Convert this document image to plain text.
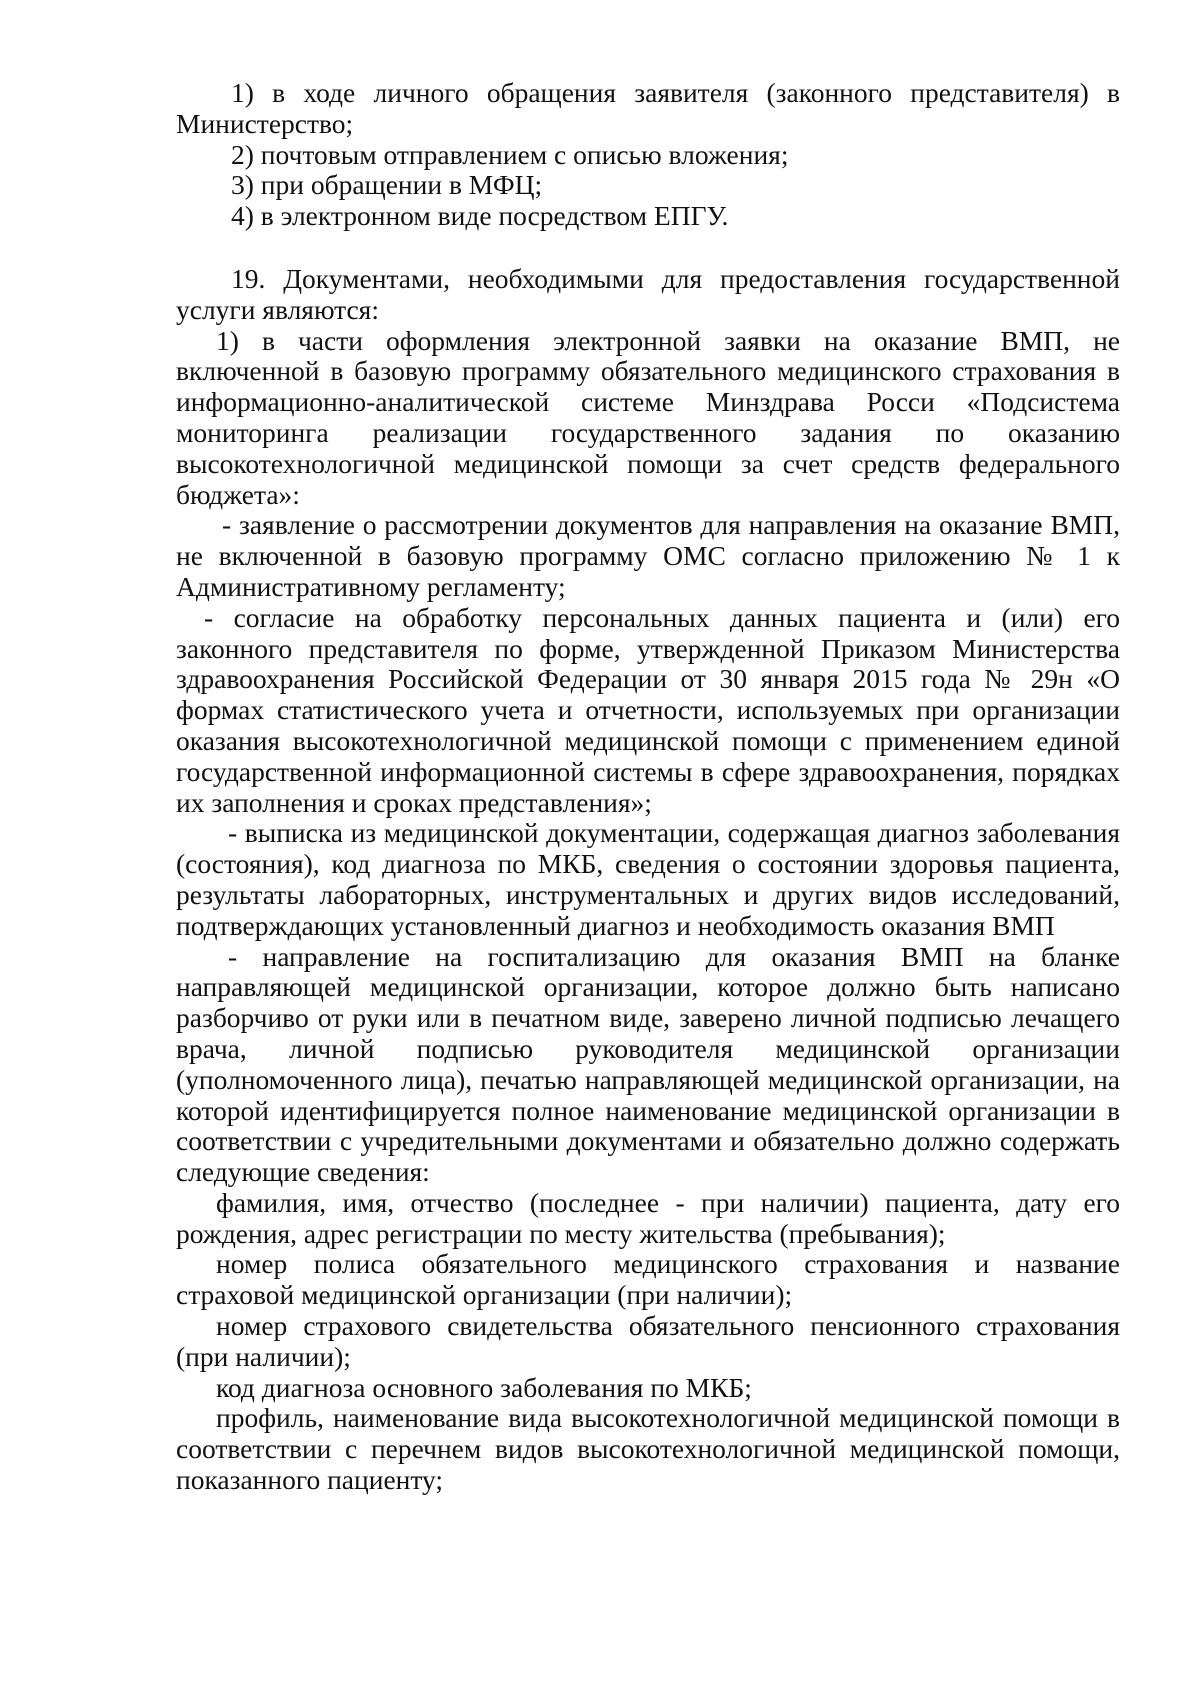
1) в ходе личного обращения заявителя (законного представителя) в Министерство;

2) почтовым отправлением с описью вложения;

3) при обращении в МФЦ;

4) в электронном виде посредством ЕПГУ.

19. Документами, необходимыми для предоставления государственной услуги являются:

1) в части оформления электронной заявки на оказание ВМП, не включенной в базовую программу обязательного медицинского страхования в информационно-аналитической системе Минздрава Росси «Подсистема мониторинга реализации государственного задания по оказанию высокотехнологичной медицинской помощи за счет средств федерального бюджета»:

- заявление о рассмотрении документов для направления на оказание ВМП, не включенной в базовую программу ОМС согласно приложению № 1 к Административному регламенту;

- согласие на обработку персональных данных пациента и (или) его законного представителя по форме, утвержденной Приказом Министерства здравоохранения Российской Федерации от 30 января 2015 года № 29н «О формах статистического учета и отчетности, используемых при организации оказания высокотехнологичной медицинской помощи с применением единой государственной информационной системы в сфере здравоохранения, порядках их заполнения и сроках представления»;

- выписка из медицинской документации, содержащая диагноз заболевания (состояния), код диагноза по МКБ, сведения о состоянии здоровья пациента, результаты лабораторных, инструментальных и других видов исследований, подтверждающих установленный диагноз и необходимость оказания ВМП

- направление на госпитализацию для оказания ВМП на бланке направляющей медицинской организации, которое должно быть написано разборчиво от руки или в печатном виде, заверено личной подписью лечащего врача, личной подписью руководителя медицинской организации (уполномоченного лица), печатью направляющей медицинской организации, на которой идентифицируется полное наименование медицинской организации в соответствии с учредительными документами и обязательно должно содержать следующие сведения:

фамилия, имя, отчество (последнее - при наличии) пациента, дату его рождения, адрес регистрации по месту жительства (пребывания);

номер полиса обязательного медицинского страхования и название страховой медицинской организации (при наличии);

номер страхового свидетельства обязательного пенсионного страхования (при наличии);

код диагноза основного заболевания по МКБ;

профиль, наименование вида высокотехнологичной медицинской помощи в соответствии с перечнем видов высокотехнологичной медицинской помощи, показанного пациенту;
